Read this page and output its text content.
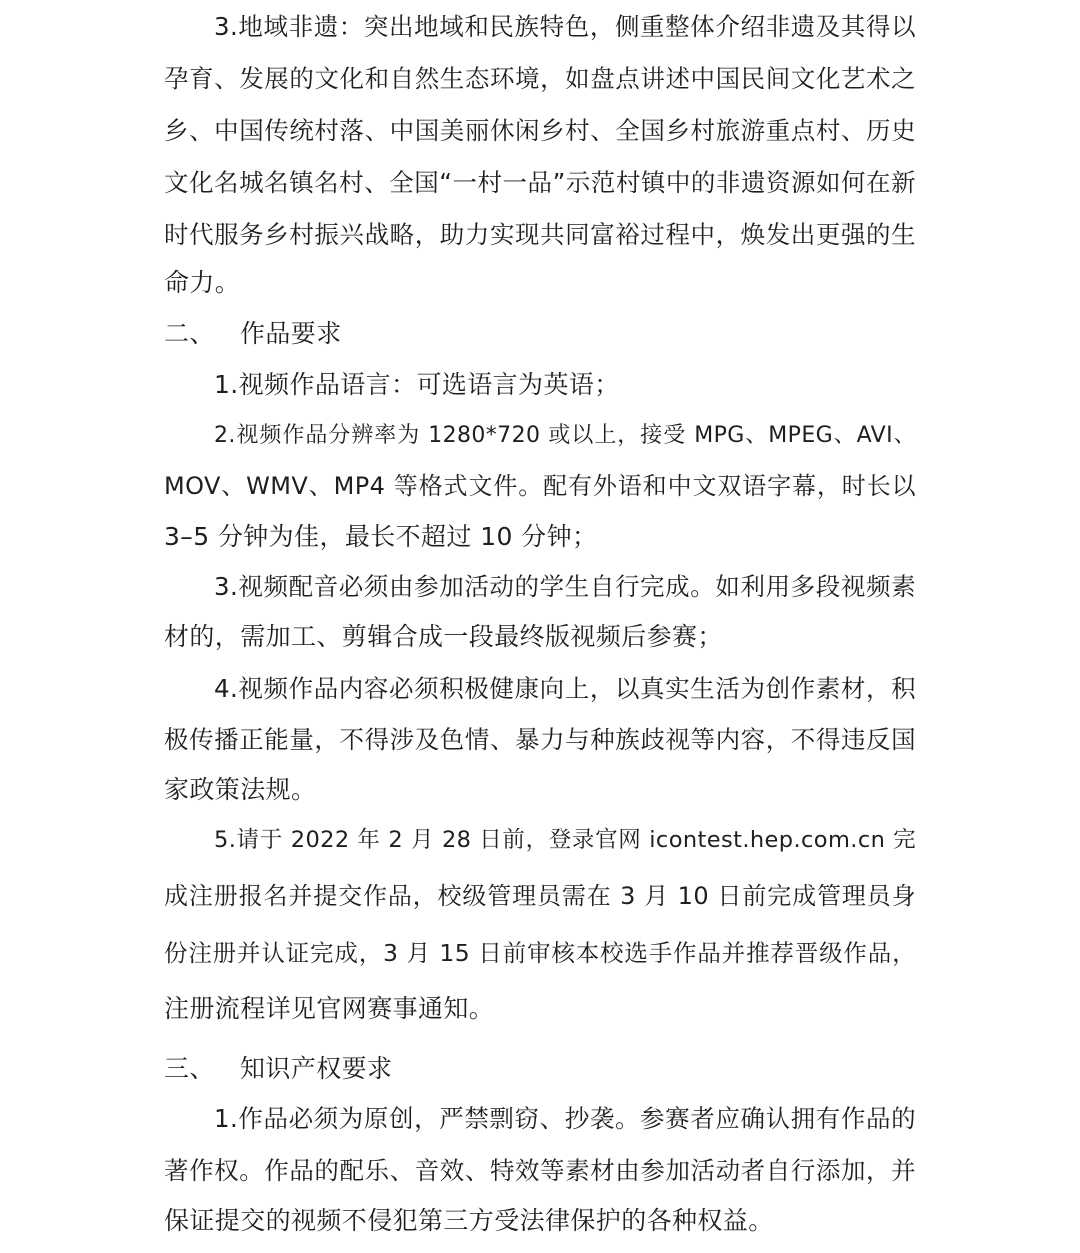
3.地域非遗：突出地域和民族特色，侧重整体介绍非遗及其得以
孕育、发展的文化和自然生态环境，如盘点讲述中国民间文化艺术之
乡、中国传统村落、中国美丽休闲乡村、全国乡村旅游重点村、历史
文化名城名镇名村、全国“一村一品”示范村镇中的非遗资源如何在新
时代服务乡村振兴战略，助力实现共同富裕过程中，焕发出更强的生
命力。
二、 作品要求
1.视频作品语言：可选语言为英语；
2.视频作品分辨率为 1280*720 或以上，接受 MPG、MPEG、AVI、
MOV、WMV、MP4 等格式文件。配有外语和中文双语字幕，时长以
3–5 分钟为佳，最长不超过 10 分钟；
3.视频配音必须由参加活动的学生自行完成。如利用多段视频素
材的，需加工、剪辑合成一段最终版视频后参赛；
4.视频作品内容必须积极健康向上，以真实生活为创作素材，积
极传播正能量，不得涉及色情、暴力与种族歧视等内容，不得违反国
家政策法规。
5.请于 2022 年 2 月 28 日前，登录官网 icontest.hep.com.cn 完
成注册报名并提交作品，校级管理员需在 3 月 10 日前完成管理员身
份注册并认证完成，3 月 15 日前审核本校选手作品并推荐晋级作品，
注册流程详见官网赛事通知。
三、 知识产权要求
1.作品必须为原创，严禁剽窃、抄袭。参赛者应确认拥有作品的
著作权。作品的配乐、音效、特效等素材由参加活动者自行添加，并
保证提交的视频不侵犯第三方受法律保护的各种权益。
